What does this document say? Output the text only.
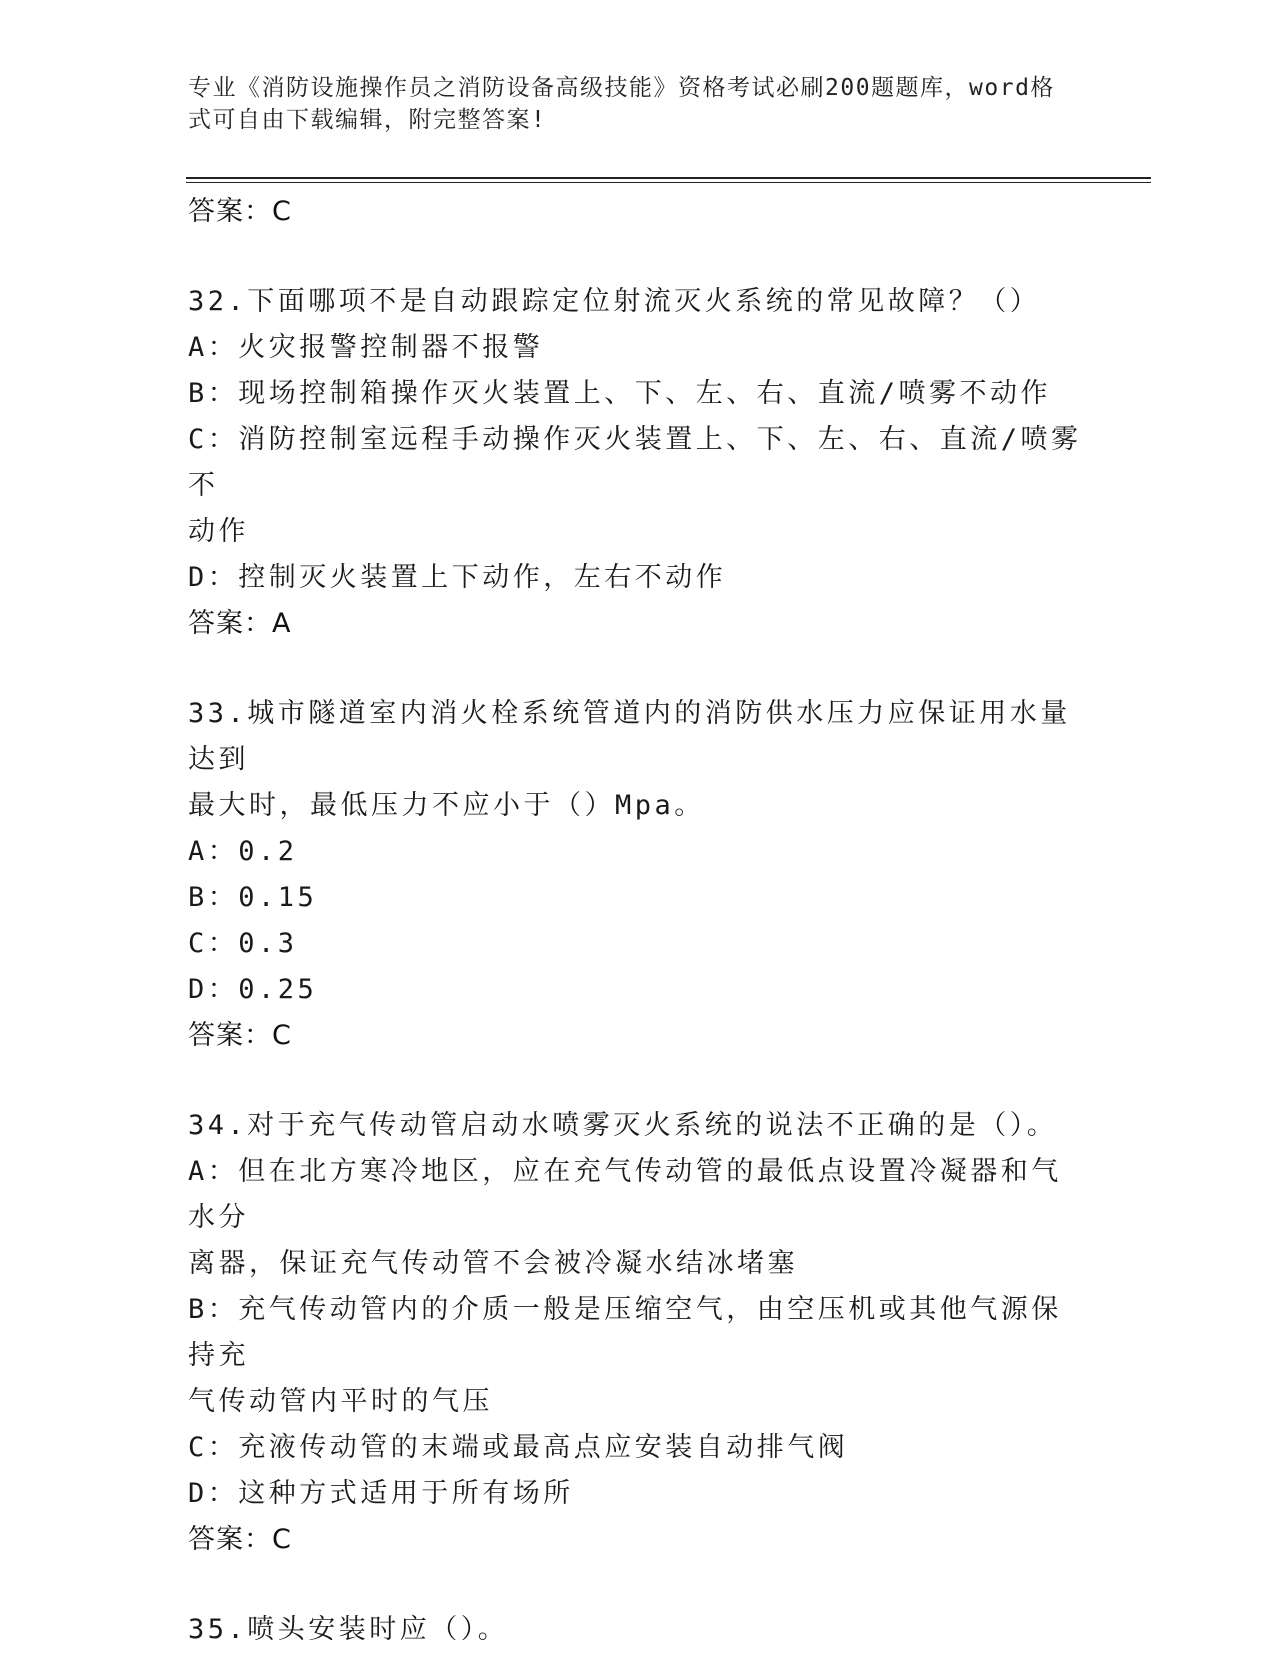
专业《消防设施操作员之消防设备高级技能》资格考试必刷200题题库，word格式可自由下载编辑，附完整答案!
答案：C
32.下面哪项不是自动跟踪定位射流灭火系统的常见故障？（）
A：火灾报警控制器不报警
B：现场控制箱操作灭火装置上、下、左、右、直流/喷雾不动作
C：消防控制室远程手动操作灭火装置上、下、左、右、直流/喷雾不
动作
D：控制灭火装置上下动作，左右不动作
答案：A
33.城市隧道室内消火栓系统管道内的消防供水压力应保证用水量达到
最大时，最低压力不应小于（）Mpa。
A：0.2
B：0.15
C：0.3
D：0.25
答案：C
34.对于充气传动管启动水喷雾灭火系统的说法不正确的是（）。
A：但在北方寒冷地区，应在充气传动管的最低点设置冷凝器和气水分
离器，保证充气传动管不会被冷凝水结冰堵塞
B：充气传动管内的介质一般是压缩空气，由空压机或其他气源保持充
气传动管内平时的气压
C：充液传动管的末端或最高点应安装自动排气阀
D：这种方式适用于所有场所
答案：C
35.喷头安装时应（）。
